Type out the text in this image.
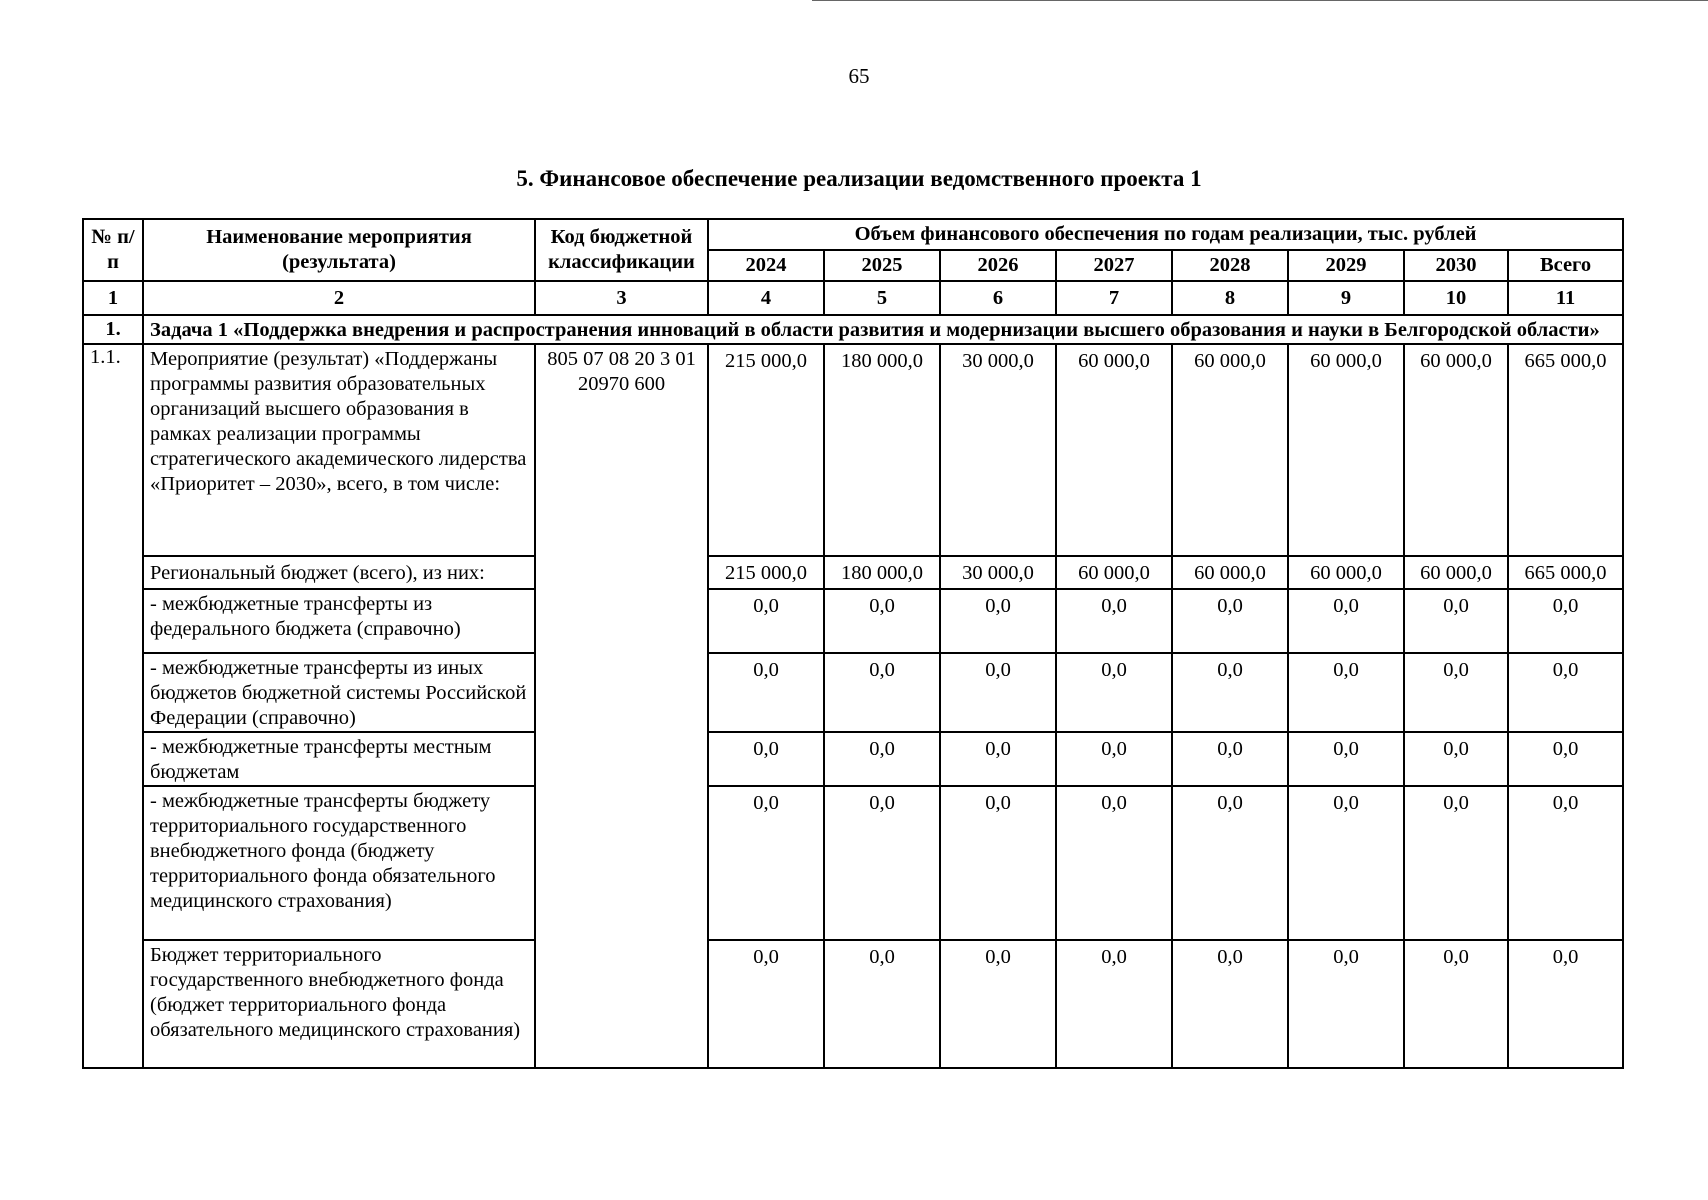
65
5. Финансовое обеспечение реализации ведомственного проекта 1
№ п/п	Наименование мероприятия (результата)	Код бюджетной классификации	Объем финансового обеспечения по годам реализации, тыс. рублей							
			2024	2025	2026	2027	2028	2029	2030	Всего
1	2	3	4	5	6	7	8	9	10	11
1.	Задача 1 «Поддержка внедрения и распространения инноваций в области развития и модернизации высшего образования и науки в Белгородской области»									
1.1.	Мероприятие (результат) «Поддержаны программы развития образовательных организаций высшего образования в рамках реализации программы стратегического академического лидерства «Приоритет – 2030», всего, в том числе:	805 07 08 20 3 01 20970 600	215 000,0	180 000,0	30 000,0	60 000,0	60 000,0	60 000,0	60 000,0	665 000,0
	Региональный бюджет (всего), из них:		215 000,0	180 000,0	30 000,0	60 000,0	60 000,0	60 000,0	60 000,0	665 000,0
	- межбюджетные трансферты из федерального бюджета (справочно)		0,0	0,0	0,0	0,0	0,0	0,0	0,0	0,0
	- межбюджетные трансферты из иных бюджетов бюджетной системы Российской Федерации (справочно)		0,0	0,0	0,0	0,0	0,0	0,0	0,0	0,0
	- межбюджетные трансферты местным бюджетам		0,0	0,0	0,0	0,0	0,0	0,0	0,0	0,0
	- межбюджетные трансферты бюджету территориального государственного внебюджетного фонда (бюджету территориального фонда обязательного медицинского страхования)		0,0	0,0	0,0	0,0	0,0	0,0	0,0	0,0
	Бюджет территориального государственного внебюджетного фонда (бюджет территориального фонда обязательного медицинского страхования)		0,0	0,0	0,0	0,0	0,0	0,0	0,0	0,0
